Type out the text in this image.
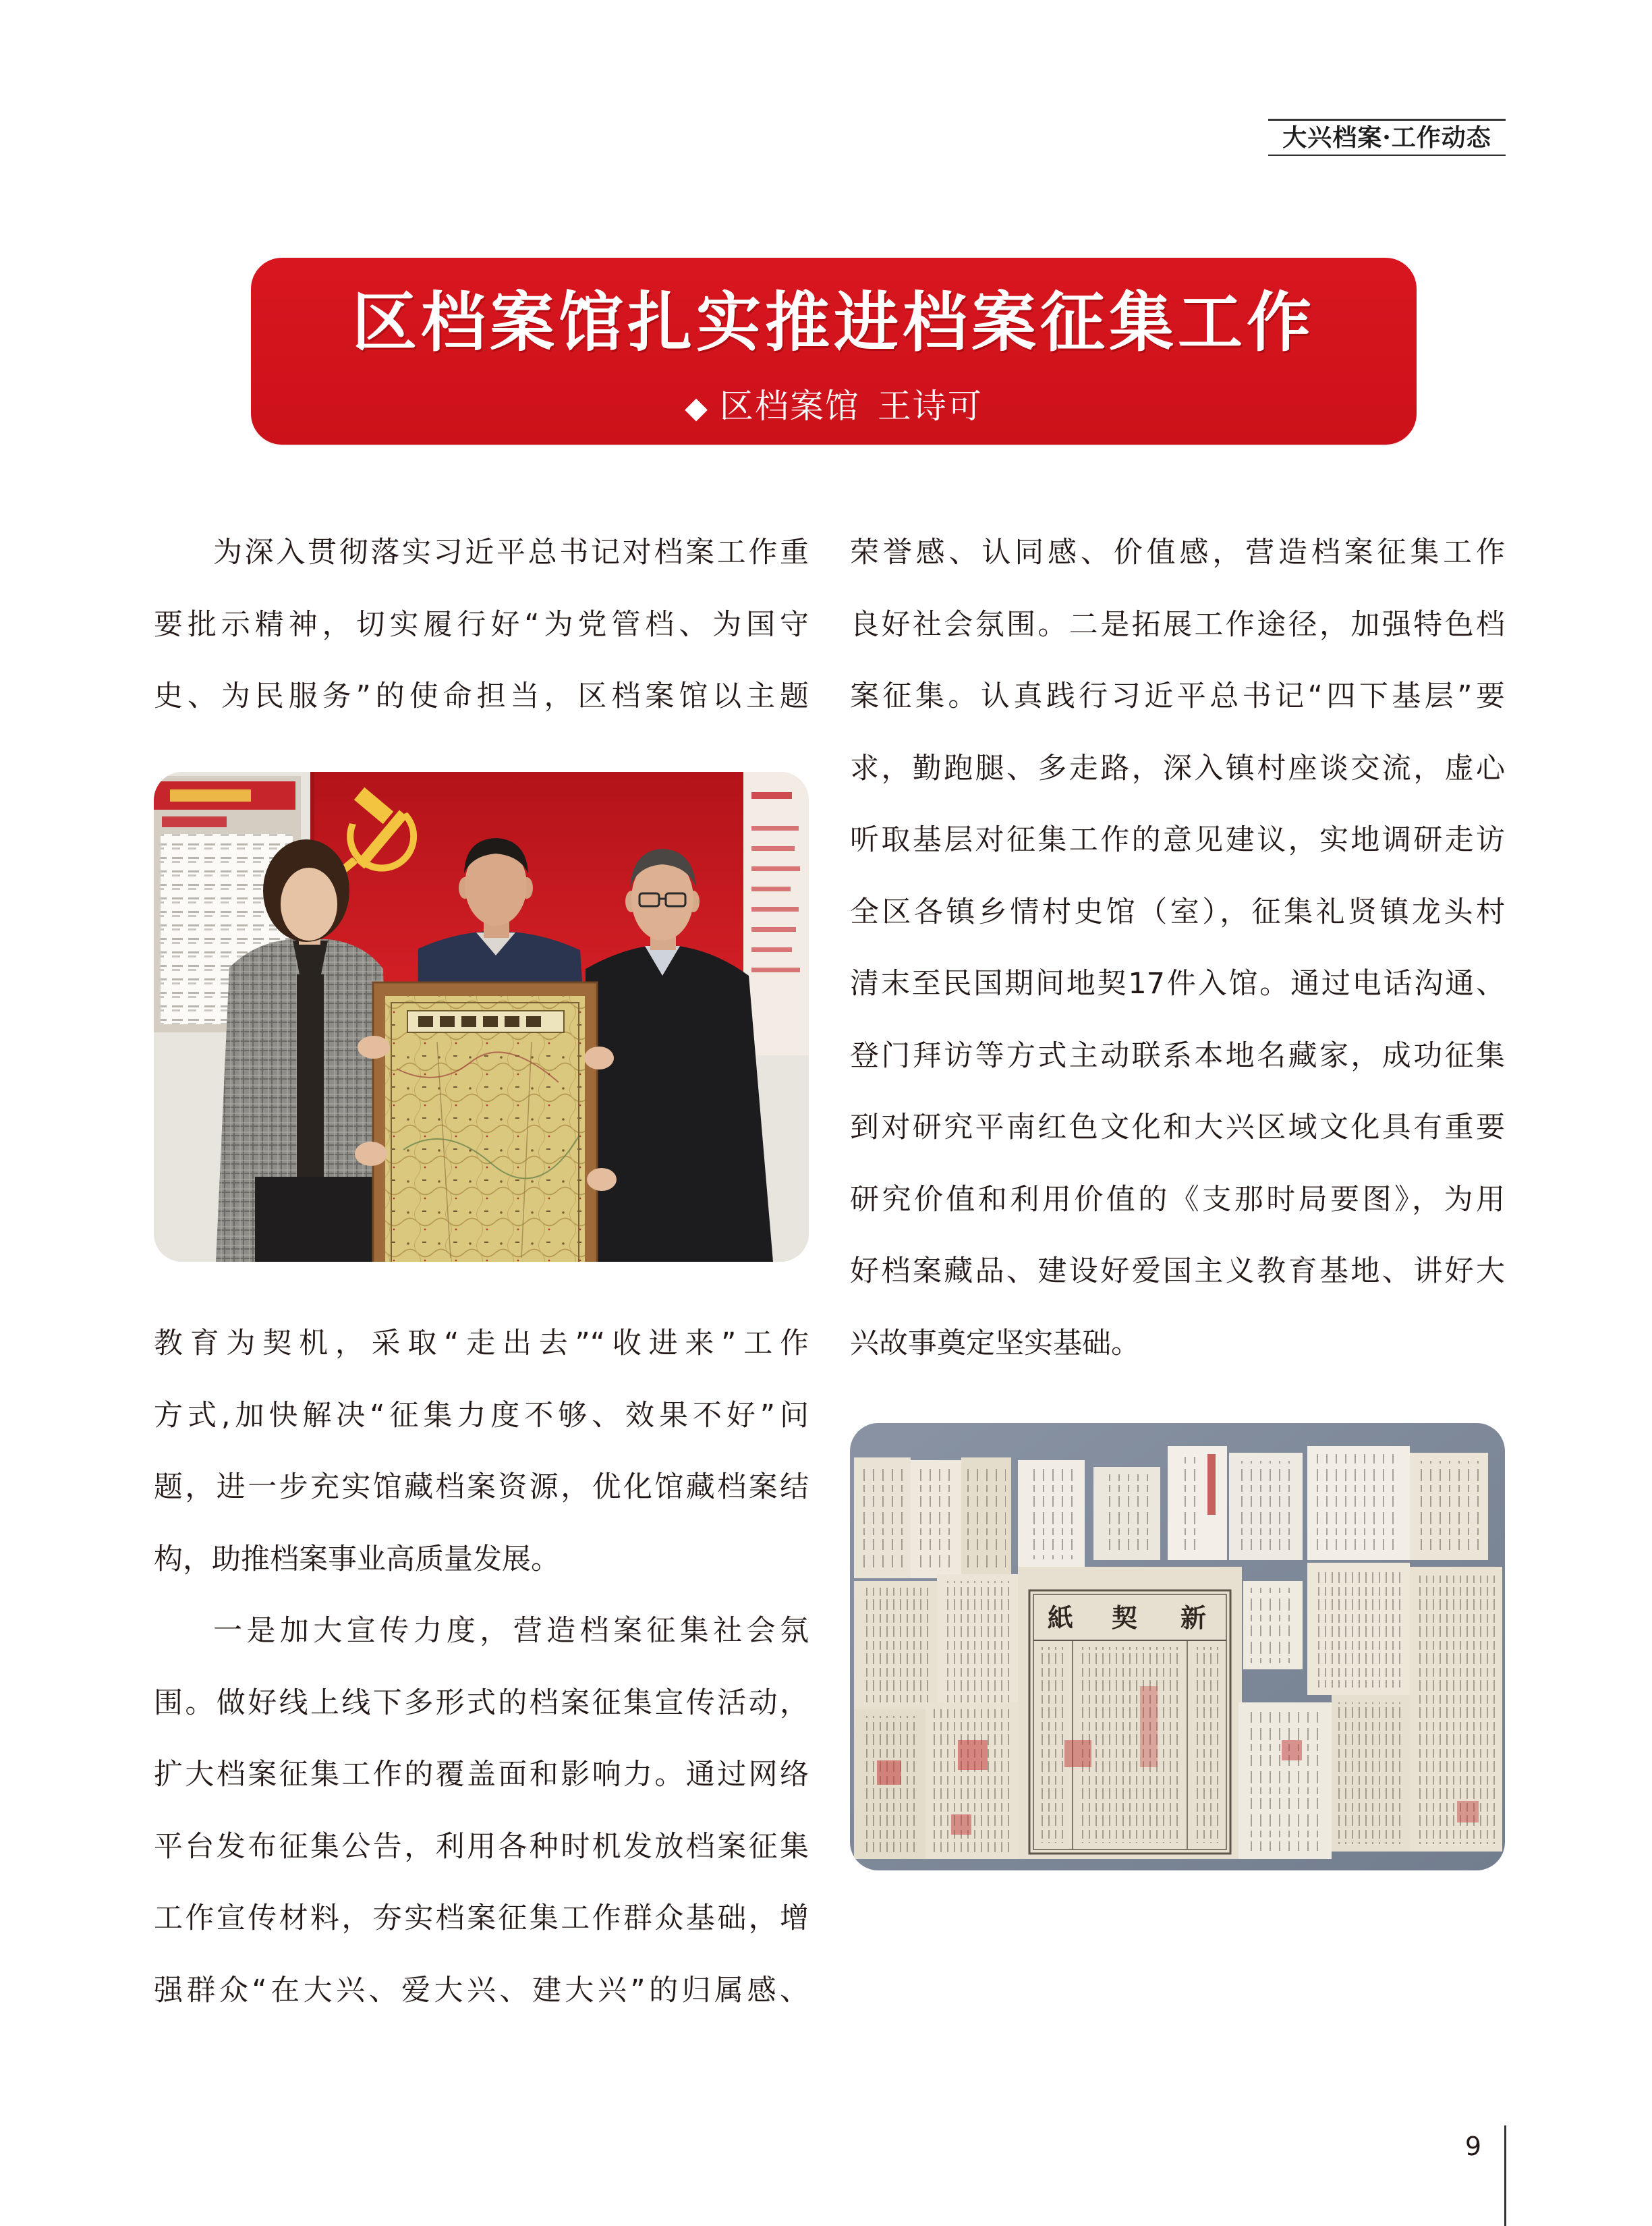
大兴档案·工作动态
区档案馆扎实推进档案征集工作
◆ 区档案馆 王诗可
为深入贯彻落实习近平总书记对档案工作重
要批示精神，切实履行好“为党管档、为国守
史、为民服务”的使命担当，区档案馆以主题
教育为契机，采取“走出去”“收进来”工作
方式,加快解决“征集力度不够、效果不好”问
题，进一步充实馆藏档案资源，优化馆藏档案结
构，助推档案事业高质量发展。
一是加大宣传力度，营造档案征集社会氛
围。做好线上线下多形式的档案征集宣传活动，
扩大档案征集工作的覆盖面和影响力。通过网络
平台发布征集公告，利用各种时机发放档案征集
工作宣传材料，夯实档案征集工作群众基础，增
强群众“在大兴、爱大兴、建大兴”的归属感、
荣誉感、认同感、价值感，营造档案征集工作
良好社会氛围。二是拓展工作途径，加强特色档
案征集。认真践行习近平总书记“四下基层”要
求，勤跑腿、多走路，深入镇村座谈交流，虚心
听取基层对征集工作的意见建议，实地调研走访
全区各镇乡情村史馆（室），征集礼贤镇龙头村
清末至民国期间地契17件入馆。通过电话沟通、
登门拜访等方式主动联系本地名藏家，成功征集
到对研究平南红色文化和大兴区域文化具有重要
研究价值和利用价值的《支那时局要图》，为用
好档案藏品、建设好爱国主义教育基地、讲好大
兴故事奠定坚实基础。
新
契
紙
9
